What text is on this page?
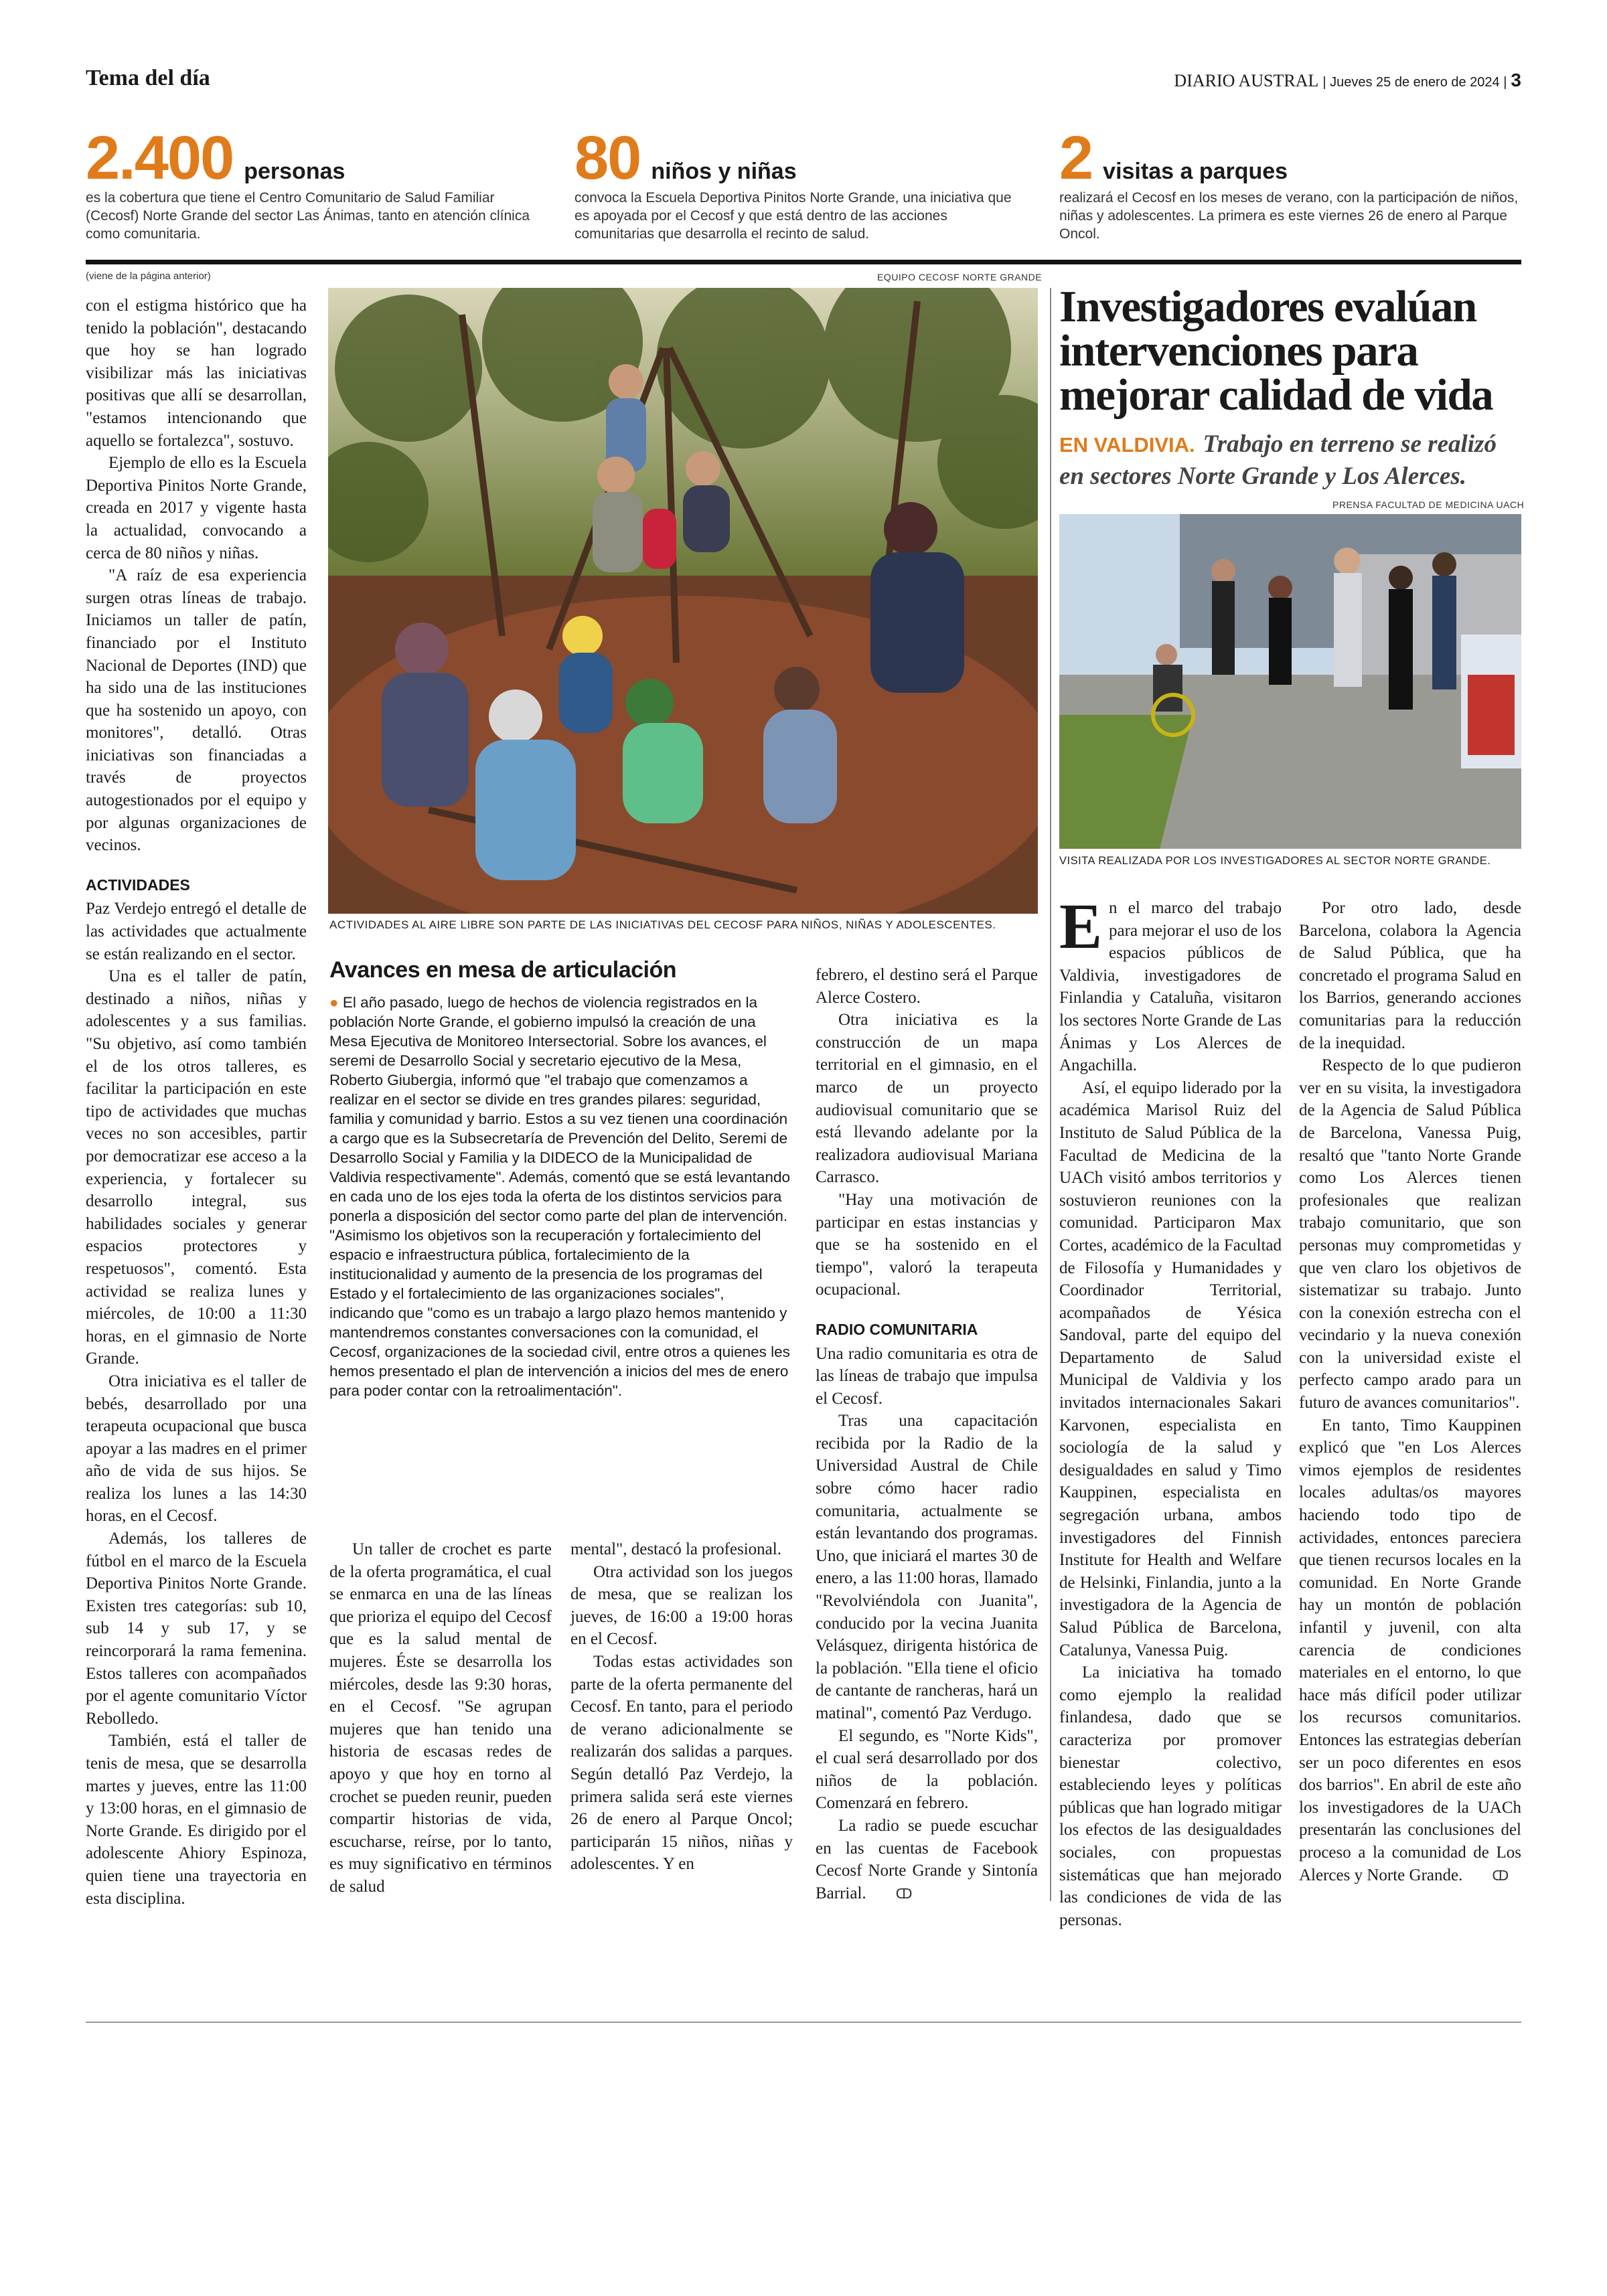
Tema del día	DIARIO AUSTRAL | Jueves 25 de enero de 2024 | 3
2.400 personas
es la cobertura que tiene el Centro Comunitario de Salud Familiar (Cecosf) Norte Grande del sector Las Ánimas, tanto en atención clínica como comunitaria.
80 niños y niñas
convoca la Escuela Deportiva Pinitos Norte Grande, una iniciativa que es apoyada por el Cecosf y que está dentro de las acciones comunitarias que desarrolla el recinto de salud.
2 visitas a parques
realizará el Cecosf en los meses de verano, con la participación de niños, niñas y adolescentes. La primera es este viernes 26 de enero al Parque Oncol.
(viene de la página anterior)	EQUIPO CECOSF NORTE GRANDE
ACTIVIDADES AL AIRE LIBRE SON PARTE DE LAS INICIATIVAS DEL CECOSF PARA NIÑOS, NIÑAS Y ADOLESCENTES.

con el estigma histórico que ha tenido la población", destacando que hoy se han logrado visibilizar más las iniciativas positivas que allí se desarrollan, "estamos intencionando que aquello se fortalezca", sostuvo.

Ejemplo de ello es la Escuela Deportiva Pinitos Norte Grande, creada en 2017 y vigente hasta la actualidad, convocando a cerca de 80 niños y niñas.

"A raíz de esa experiencia surgen otras líneas de trabajo. Iniciamos un taller de patín, financiado por el Instituto Nacional de Deportes (IND) que ha sido una de las instituciones que ha sostenido un apoyo, con monitores", detalló. Otras iniciativas son financiadas a través de proyectos autogestionados por el equipo y por algunas organizaciones de vecinos.

ACTIVIDADES

Paz Verdejo entregó el detalle de las actividades que actualmente se están realizando en el sector.

Una es el taller de patín, destinado a niños, niñas y adolescentes y a sus familias. "Su objetivo, así como también el de los otros talleres, es facilitar la participación en este tipo de actividades que muchas veces no son accesibles, partir por democratizar ese acceso a la experiencia, y fortalecer su desarrollo integral, sus habilidades sociales y generar espacios protectores y respetuosos", comentó. Esta actividad se realiza lunes y miércoles, de 10:00 a 11:30 horas, en el gimnasio de Norte Grande.

Otra iniciativa es el taller de bebés, desarrollado por una terapeuta ocupacional que busca apoyar a las madres en el primer año de vida de sus hijos. Se realiza los lunes a las 14:30 horas, en el Cecosf.

Además, los talleres de fútbol en el marco de la Escuela Deportiva Pinitos Norte Grande. Existen tres categorías: sub 10, sub 14 y sub 17, y se reincorporará la rama femenina. Estos talleres con acompañados por el agente comunitario Víctor Rebolledo.

También, está el taller de tenis de mesa, que se desarrolla martes y jueves, entre las 11:00 y 13:00 horas, en el gimnasio de Norte Grande. Es dirigido por el adolescente Ahiory Espinoza, quien tiene una trayectoria en esta disciplina.

Avances en mesa de articulación
● El año pasado, luego de hechos de violencia registrados en la población Norte Grande, el gobierno impulsó la creación de una Mesa Ejecutiva de Monitoreo Intersectorial. Sobre los avances, el seremi de Desarrollo Social y secretario ejecutivo de la Mesa, Roberto Giubergia, informó que "el trabajo que comenzamos a realizar en el sector se divide en tres grandes pilares: seguridad, familia y comunidad y barrio. Estos a su vez tienen una coordinación a cargo que es la Subsecretaría de Prevención del Delito, Seremi de Desarrollo Social y Familia y la DIDECO de la Municipalidad de Valdivia respectivamente". Además, comentó que se está levantando en cada uno de los ejes toda la oferta de los distintos servicios para ponerla a disposición del sector como parte del plan de intervención. "Asimismo los objetivos son la recuperación y fortalecimiento del espacio e infraestructura pública, fortalecimiento de la institucionalidad y aumento de la presencia de los programas del Estado y el fortalecimiento de las organizaciones sociales", indicando que "como es un trabajo a largo plazo hemos mantenido y mantendremos constantes conversaciones con la comunidad, el Cecosf, organizaciones de la sociedad civil, entre otros a quienes les hemos presentado el plan de intervención a inicios del mes de enero para poder contar con la retroalimentación".

Un taller de crochet es parte de la oferta programática, el cual se enmarca en una de las líneas que prioriza el equipo del Cecosf que es la salud mental de mujeres. Éste se desarrolla los miércoles, desde las 9:30 horas, en el Cecosf. "Se agrupan mujeres que han tenido una historia de escasas redes de apoyo y que hoy en torno al crochet se pueden reunir, pueden compartir historias de vida, escucharse, reírse, por lo tanto, es muy significativo en términos de salud

mental", destacó la profesional.

Otra actividad son los juegos de mesa, que se realizan los jueves, de 16:00 a 19:00 horas en el Cecosf.

Todas estas actividades son parte de la oferta permanente del Cecosf. En tanto, para el periodo de verano adicionalmente se realizarán dos salidas a parques. Según detalló Paz Verdejo, la primera salida será este viernes 26 de enero al Parque Oncol; participarán 15 niños, niñas y adolescentes. Y en

febrero, el destino será el Parque Alerce Costero.

Otra iniciativa es la construcción de un mapa territorial en el gimnasio, en el marco de un proyecto audiovisual comunitario que se está llevando adelante por la realizadora audiovisual Mariana Carrasco.

"Hay una motivación de participar en estas instancias y que se ha sostenido en el tiempo", valoró la terapeuta ocupacional.

RADIO COMUNITARIA

Una radio comunitaria es otra de las líneas de trabajo que impulsa el Cecosf.

Tras una capacitación recibida por la Radio de la Universidad Austral de Chile sobre cómo hacer radio comunitaria, actualmente se están levantando dos programas. Uno, que iniciará el martes 30 de enero, a las 11:00 horas, llamado "Revolviéndola con Juanita", conducido por la vecina Juanita Velásquez, dirigenta histórica de la población. "Ella tiene el oficio de cantante de rancheras, hará un matinal", comentó Paz Verdugo.

El segundo, es "Norte Kids", el cual será desarrollado por dos niños de la población. Comenzará en febrero.

La radio se puede escuchar en las cuentas de Facebook Cecosf Norte Grande y Sintonía Barrial. ↀ

Investigadores evalúan intervenciones para mejorar calidad de vida
EN VALDIVIA. Trabajo en terreno se realizó en sectores Norte Grande y Los Alerces.
PRENSA FACULTAD DE MEDICINA UACH
VISITA REALIZADA POR LOS INVESTIGADORES AL SECTOR NORTE GRANDE.

En el marco del trabajo para mejorar el uso de los espacios públicos de Valdivia, investigadores de Finlandia y Cataluña, visitaron los sectores Norte Grande de Las Ánimas y Los Alerces de Angachilla.

Así, el equipo liderado por la académica Marisol Ruiz del Instituto de Salud Pública de la Facultad de Medicina de la UACh visitó ambos territorios y sostuvieron reuniones con la comunidad. Participaron Max Cortes, académico de la Facultad de Filosofía y Humanidades y Coordinador Territorial, acompañados de Yésica Sandoval, parte del equipo del Departamento de Salud Municipal de Valdivia y los invitados internacionales Sakari Karvonen, especialista en sociología de la salud y desigualdades en salud y Timo Kauppinen, especialista en segregación urbana, ambos investigadores del Finnish Institute for Health and Welfare de Helsinki, Finlandia, junto a la investigadora de la Agencia de Salud Pública de Barcelona, Catalunya, Vanessa Puig.

La iniciativa ha tomado como ejemplo la realidad finlandesa, dado que se caracteriza por promover bienestar colectivo, estableciendo leyes y políticas públicas que han logrado mitigar los efectos de las desigualdades sociales, con propuestas sistemáticas que han mejorado las condiciones de vida de las personas.

Por otro lado, desde Barcelona, colabora la Agencia de Salud Pública, que ha concretado el programa Salud en los Barrios, generando acciones comunitarias para la reducción de la inequidad.

Respecto de lo que pudieron ver en su visita, la investigadora de la Agencia de Salud Pública de Barcelona, Vanessa Puig, resaltó que "tanto Norte Grande como Los Alerces tienen profesionales que realizan trabajo comunitario, que son personas muy comprometidas y que ven claro los objetivos de sistematizar su trabajo. Junto con la conexión estrecha con el vecindario y la nueva conexión con la universidad existe el perfecto campo arado para un futuro de avances comunitarios".

En tanto, Timo Kauppinen explicó que "en Los Alerces vimos ejemplos de residentes locales adultas/os mayores haciendo todo tipo de actividades, entonces pareciera que tienen recursos locales en la comunidad. En Norte Grande hay un montón de población infantil y juvenil, con alta carencia de condiciones materiales en el entorno, lo que hace más difícil poder utilizar los recursos comunitarios. Entonces las estrategias deberían ser un poco diferentes en esos dos barrios". En abril de este año los investigadores de la UACh presentarán las conclusiones del proceso a la comunidad de Los Alerces y Norte Grande. ↀ
